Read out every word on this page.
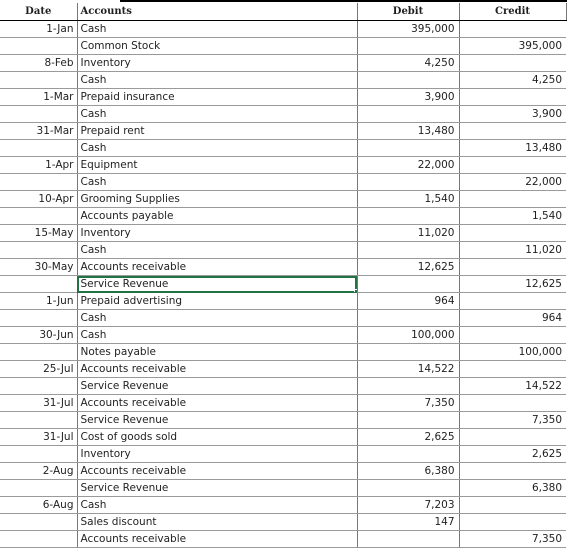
Date	Accounts	Debit	Credit
1-Jan	Cash	395,000	
	Common Stock		395,000
8-Feb	Inventory	4,250	
	Cash		4,250
1-Mar	Prepaid insurance	3,900	
	Cash		3,900
31-Mar	Prepaid rent	13,480	
	Cash		13,480
1-Apr	Equipment	22,000	
	Cash		22,000
10-Apr	Grooming Supplies	1,540	
	Accounts payable		1,540
15-May	Inventory	11,020	
	Cash		11,020
30-May	Accounts receivable	12,625	
	Service Revenue		12,625
1-Jun	Prepaid advertising	964	
	Cash		964
30-Jun	Cash	100,000	
	Notes payable		100,000
25-Jul	Accounts receivable	14,522	
	Service Revenue		14,522
31-Jul	Accounts receivable	7,350	
	Service Revenue		7,350
31-Jul	Cost of goods sold	2,625	
	Inventory		2,625
2-Aug	Accounts receivable	6,380	
	Service Revenue		6,380
6-Aug	Cash	7,203	
	Sales discount	147	
	Accounts receivable		7,350
